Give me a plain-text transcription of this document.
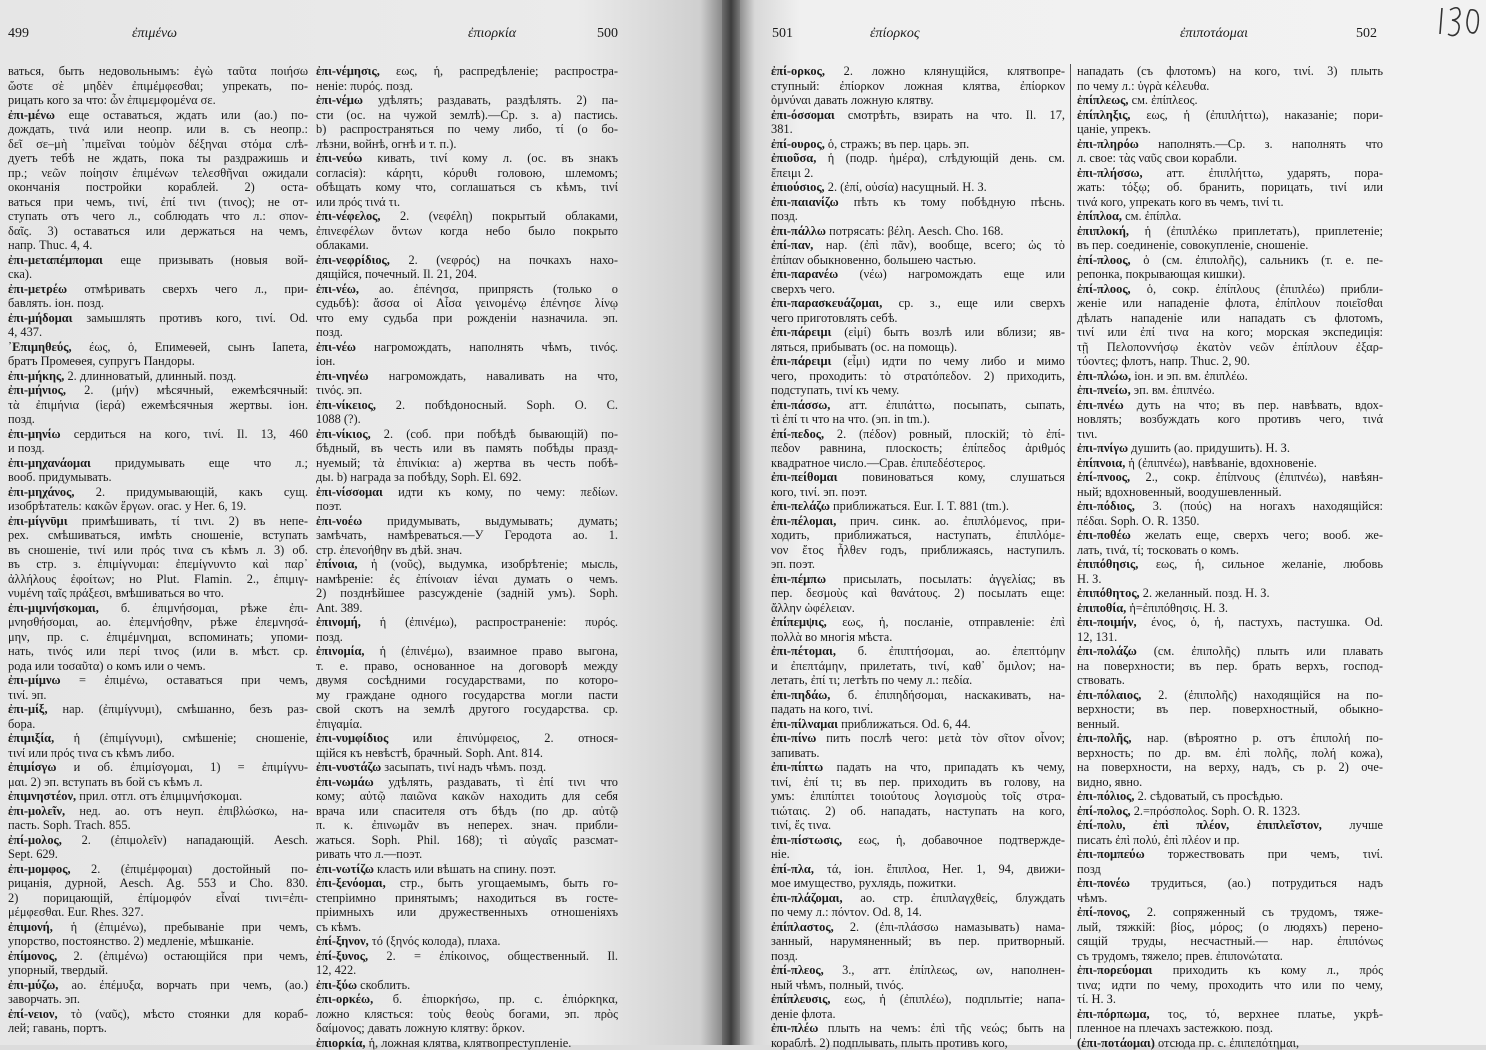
499	ἐπιμένω	ἐπιορκία	500	501	ἐπίορκος	ἐπιποτάομαι	502
ваться, быть недовольнымъ: ἐγὼ ταῦτα ποιήσω
ὥστε σὲ μηδὲν ἐπιμέμφεσθαι; упрекать, по-
рицать кого за что: ὧν ἐπιμεμφομένα σε.
ἐπι-μένω еще оставаться, ждать или (ао.) по-
дождать, τινά или неопр. или в. съ неопр.:
δεῖ σε–μὴ ᾽πιμεῖναι τοὐμὸν δέξηναι στόμα слѣ-
дуетъ тебѣ не ждать, пока ты раздражишь и
пр.; νεῶν ποίησιν ἐπιμένων τελεσθῆναι ожидали
окончанія постройки кораблей. 2) оста-
ваться при чемъ, τινί, ἐπί τινι (τινος); не от-
ступать отъ чего л., соблюдать что л.: σπον-
δαῖς. 3) оставаться или держаться на чемъ,
напр. Thuc. 4, 4.
ἐπι-μεταπέμπομαι еще призывать (новыя вой-
ска).
ἐπι-μετρέω отмѣривать сверхъ чего л., при-
бавлять. іон. позд.
ἐπι-μήδομαι замышлять противъ кого, τινί. Od.
4, 437.
᾽Επιμηθεύς, έως, ὁ, Епимеѳей, сынъ Іапета,
братъ Промеѳея, супругъ Пандоры.
ἐπι-μήκης, 2. длинноватый, длинный. позд.
ἐπι-μήνιος, 2. (μήν) мѣсячный, ежемѣсячный:
τὰ ἐπιμήνια (ἱερά) ежемѣсячныя жертвы. іон.
позд.
ἐπι-μηνίω сердиться на кого, τινί. Il. 13, 460
и позд.
ἐπι-μηχανάομαι придумывать еще что л.;
вооб. придумывать.
ἐπι-μηχάνος, 2. придумывающій, какъ сущ.
изобрѣтатель: κακῶν ἔργων. orac. у Her. 6, 19.
ἐπι-μίγνῡμι примѣшивать, τί τινι. 2) въ непе-
рех. смѣшиваться, имѣть сношеніе, вступать
въ сношеніе, τινί или πρός τινα съ кѣмъ л. 3) об.
въ стр. з. ἐπιμίγνυμαι: ἐπεμίγνυντο καὶ παρ᾽
ἀλλήλους ἐφοίτων; но Plut. Flamin. 2., ἐπιμιγ-
νυμένη ταῖς πράξεσι, вмѣшиваться во что.
ἐπι-μιμνήσκομαι, б. ἐπιμνήσομαι, рѣже ἐπι-
μνησθήσομαι, ао. ἐπεμνήσθην, рѣже ἐπεμνησά-
μην, пр. с. ἐπιμέμνημαι, вспоминать; упоми-
нать, τινός или περί τινος (или в. мѣст. ср.
рода или τοσαῦτα) о комъ или о чемъ.
ἐπι-μίμνω = ἐπιμένω, оставаться при чемъ,
τινί. эп.
ἐπι-μίξ, нар. (ἐπιμίγνυμι), смѣшанно, безъ раз-
бора.
ἐπιμιξία, ἡ (ἐπιμίγνυμι), смѣшеніе; сношеніе,
τινί или πρός τινα съ кѣмъ либо.
ἐπιμίσγω и об. ἐπιμίσγομαι, 1) = ἐπιμίγνυ-
μαι. 2) эп. вступать въ бой съ кѣмъ л.
ἐπιμνηστέον, прил. отгл. отъ ἐπιμιμνήσκομαι.
ἐπι-μολεῖν, нед. ао. отъ неуп. ἐπιβλώσκω, на-
пасть. Soph. Trach. 855.
ἐπί-μολος, 2. (ἐπιμολεῖν) нападающій. Aesch.
Sept. 629.
ἐπι-μομφος, 2. (ἐπιμέμφομαι) достойный по-
рицанія, дурной, Aesch. Ag. 553 и Cho. 830.
2) порицающій, ἐπίμομφόν εἶναί τινι=ἐπι-
μέμφεσθαι. Eur. Rhes. 327.
ἐπιμονή, ἡ (ἐπιμένω), пребываніе при чемъ,
упорство, постоянство. 2) медленіе, мѣшканіе.
ἐπίμονος, 2. (ἐπιμένω) остающійся при чемъ,
упорный, твердый.
ἐπι-μύζω, ао. ἐπέμυξα, ворчать при чемъ, (ао.)
заворчать. эп.
ἐπί-νειον, τὸ (ναῦς), мѣсто стоянки для кораб-
лей; гавань, портъ.
ἐπι-νέμησις, εως, ἡ, распредѣленіе; распростра-
неніе: πυρός. позд.
ἐπι-νέμω удѣлять; раздавать, раздѣлять. 2) па-
сти (ос. на чужой землѣ).—Ср. з. а) пастись.
b) распространяться по чему либо, τί (о бо-
лѣзни, войнѣ, огнѣ и т. п.).
ἐπι-νεύω кивать, τινί кому л. (ос. въ знакъ
согласія): κάρητι, κόρυθι головою, шлемомъ;
обѣщать кому что, соглашаться съ кѣмъ, τινί
или πρός τινά τι.
ἐπι-νέφελος, 2. (νεφέλη) покрытый облаками,
ἐπινεφέλων ὄντων когда небо было покрыто
облаками.
ἐπι-νεφρίδιος, 2. (νεφρός) на почкахъ нахо-
дящійся, почечный. Il. 21, 204.
ἐπι-νέω, ао. ἐπένησα, припрясть (только о
судьбѣ): ἅσσα οἱ Αἶσα γεινομένῳ ἐπένησε λίνῳ
что ему судьба при рожденіи назначила. эп.
позд.
ἐπι-νέω нагромождать, наполнять чѣмъ, τινός.
іон.
ἐπι-νηνέω нагромождать, наваливать на что,
τινός. эп.
ἐπι-νίκειος, 2. побѣдоносный. Soph. O. C.
1088 (?).
ἐπι-νίκιος, 2. (соб. при побѣдѣ бывающій) по-
бѣдный, въ честь или въ память побѣды празд-
нуемый; τὰ ἐπινίκια: а) жертва въ честь побѣ-
ды. b) награда за побѣду, Soph. El. 692.
ἐπι-νίσσομαι идти къ кому, по чему: πεδίων.
поэт.
ἐπι-νοέω придумывать, выдумывать; думать;
замѣчать, намѣреваться.—У Геродота ао. 1.
стр. ἐπενοήθην въ дѣй. знач.
ἐπίνοια, ἡ (νοῦς), выдумка, изобрѣтеніе; мысль,
намѣреніе: ἐς ἐπίνοιαν ἰέναι думать о чемъ.
2) позднѣйшее разсужденіе (задній умъ). Soph.
Ant. 389.
ἐπινομή, ἡ (ἐπινέμω), распространеніе: πυρός.
позд.
ἐπινομία, ἡ (ἐπινέμω), взаимное право выгона,
т. е. право, основанное на договорѣ между
двумя сосѣдними государствами, по которо-
му граждане одного государства могли пасти
свой скотъ на землѣ другого государства. ср.
ἐπιγαμία.
ἐπι-νυμφίδιος или ἐπινύμφειος, 2. относя-
щійся къ невѣстѣ, брачный. Soph. Ant. 814.
ἐπι-νυστάζω засыпать, τινί надъ чѣмъ. позд.
ἐπι-νωμάω удѣлять, раздавать, τὶ ἐπί τινι что
кому; αὐτῷ παιῶνα κακῶν находить для себя
врача или спасителя отъ бѣдъ (по др. αὐτῷ
π. κ. ἐπινωμᾶν въ неперех. знач. прибли-
жаться. Soph. Phil. 168); τὶ αὐγαῖς разсмат-
ривать что л.—поэт.
ἐπι-νωτίζω класть или вѣшать на спину. поэт.
ἐπι-ξενόομαι, стр., быть угощаемымъ, быть го-
степріимно принятымъ; находиться въ госте-
пріимныхъ или дружественныхъ отношеніяхъ
съ кѣмъ.
ἐπί-ξηνον, τό (ξηνός колода), плаха.
ἐπί-ξυνος, 2. = ἐπίκοινος, общественный. Il.
12, 422.
ἐπι-ξύω скоблить.
ἐπι-ορκέω, б. ἐπιορκήσω, пр. с. ἐπιόρκηκα,
ложно клясться: τοὺς θεοὺς богами, эп. πρὸς
δαίμονος; давать ложную клятву: ὅρκον.
ἐπιορκία, ἡ, ложная клятва, клятвопреступленіе.
ἐπί-ορκος, 2. ложно клянущійся, клятвопре-
ступный: ἐπίορκον ложная клятва, ἐπίορκον
ὀμνύναι давать ложную клятву.
ἐπι-όσσομαι смотрѣть, взирать на что. Il. 17,
381.
ἐπί-ουρος, ὁ, стражъ; въ пер. царь. эп.
ἐπιοῦσα, ἡ (подр. ἡμέρα), слѣдующій день. см.
ἔπειμι 2.
ἐπιούσιος, 2. (ἐπί, οὐσία) насущный. Н. З.
ἐπι-παιανίζω пѣть къ тому побѣдную пѣснь.
позд.
ἐπι-πάλλω потрясать: βέλη. Aesch. Cho. 168.
ἐπί-παν, нар. (ἐπὶ πᾶν), вообще, всего; ὡς τὸ
ἐπίπαν обыкновенно, большею частью.
ἐπι-παρανέω (νέω) нагромождать еще или
сверхъ чего.
ἐπι-παρασκευάζομαι, ср. з., еще или сверхъ
чего приготовлять себѣ.
ἐπι-πάρειμι (εἰμί) быть возлѣ или вблизи; яв-
ляться, прибывать (ос. на помощь).
ἐπι-πάρειμι (εἶμι) идти по чему либо и мимо
чего, проходить: τὸ στρατόπεδον. 2) приходить,
подступать, τινί къ чему.
ἐπι-πάσσω, атт. ἐπιπάττω, посыпать, сыпать,
τὶ ἐπί τι что на что. (эп. in tm.).
ἐπί-πεδος, 2. (πέδον) ровный, плоскій; τὸ ἐπί-
πεδον равнина, плоскость; ἐπίπεδος ἀριθμός
квадратное число.—Срав. ἐπιπεδέστερος.
ἐπι-πείθομαι повиноваться кому, слушаться
кого, τινί. эп. поэт.
ἐπι-πελάζω приближаться. Eur. I. T. 881 (tm.).
ἐπι-πέλομαι, прич. синк. ао. ἐπιπλόμενος, при-
ходить, приближаться, наступать, ἐπιπλόμε-
νον ἔτος ἦλθεν годъ, приближаясь, наступилъ.
эп. поэт.
ἐπι-πέμπω присылать, посылать: ἀγγελίας; въ
пер. δεσμοὺς καὶ θανάτους. 2) посылать еще:
ἄλλην ὠφέλειαν.
ἐπίπεμψις, εως, ἡ, посланіе, отправленіе: ἐπὶ
πολλὰ во многія мѣста.
ἐπι-πέτομαι, б. ἐπιπτήσομαι, ао. ἐπεπτόμην
и ἐπεπτάμην, прилетать, τινί, καθ᾽ ὅμιλον; на-
летать, ἐπί τι; летѣть по чему л.: πεδία.
ἐπι-πηδάω, б. ἐπιπηδήσομαι, наскакивать, на-
падать на кого, τινί.
ἐπι-πίλναμαι приближаться. Od. 6, 44.
ἐπι-πίνω пить послѣ чего: μετὰ τὸν σῖτον οἶνον;
запивать.
ἐπι-πίπτω падать на что, припадать къ чему,
τινί, ἐπί τι; въ пер. приходить въ голову, на
умъ: ἐπιπίπτει τοιούτους λογισμοὺς τοῖς στρα-
τιώταις. 2) об. нападать, наступать на кого,
τινί, ἔς τινα.
ἐπι-πίστωσις, εως, ἡ, добавочное подтвержде-
ніе.
ἐπί-πλα, τά, іон. ἔπιπλοα, Her. 1, 94, движи-
мое имущество, рухлядь, пожитки.
ἐπι-πλάζομαι, ао. стр. ἐπιπλαγχθείς, блуждать
по чему л.: πόντον. Od. 8, 14.
ἐπίπλαστος, 2. (ἐπι-πλάσσω намазывать) нама-
занный, нарумяненный; въ пер. притворный.
позд.
ἐπί-πλεος, 3., атт. ἐπίπλεως, ων, наполнен-
ный чѣмъ, полный, τινός.
ἐπίπλευσις, εως, ἡ (ἐπιπλέω), подплытіе; напа-
деніе флота.
ἐπι-πλέω плыть на чемъ: ἐπὶ τῆς νεώς; быть на
кораблѣ. 2) подплывать, плыть противъ кого,
нападать (съ флотомъ) на кого, τινί. 3) плыть
по чему л.: ὑγρὰ κέλευθα.
ἐπίπλεως, см. ἐπίπλεος.
ἐπίπληξις, εως, ἡ (ἐπιπλήττω), наказаніе; пори-
цаніе, упрекъ.
ἐπι-πληρόω наполнять.—Ср. з. наполнять что
л. свое: τὰς ναῦς свои корабли.
ἐπι-πλήσσω, атт. ἐπιπλήττω, ударять, пора-
жать: τόξῳ; об. бранить, порицать, τινί или
τινά кого, упрекать кого въ чемъ, τινί τι.
ἐπίπλοα, см. ἐπίπλα.
ἐπιπλοκή, ἡ (ἐπιπλέκω приплетать), приплетеніе;
въ пер. соединеніе, совокупленіе, сношеніе.
ἐπί-πλοος, ὁ (см. ἐπιπολῆς), сальникъ (т. е. пе-
репонка, покрывающая кишки).
ἐπί-πλοος, ὁ, сокр. ἐπίπλους (ἐπιπλέω) прибли-
женіе или нападеніе флота, ἐπίπλουν ποιεῖσθαι
дѣлать нападеніе или нападать съ флотомъ,
τινί или ἐπί τινα на кого; морская экспедиція:
τῇ Πελοποννήσῳ ἑκατὸν νεῶν ἐπίπλουν ἐξαρ-
τύοντες; флотъ, напр. Thuc. 2, 90.
ἐπι-πλώω, іон. и эп. вм. ἐπιπλέω.
ἐπι-πνείω, эп. вм. ἐπιπνέω.
ἐπι-πνέω дуть на что; въ пер. навѣвать, вдох-
новлять; возбуждать кого противъ чего, τινά
τινι.
ἐπι-πνίγω душить (ао. придушить). Н. З.
ἐπίπνοια, ἡ (ἐπιπνέω), навѣваніе, вдохновеніе.
ἐπί-πνοος, 2., сокр. ἐπίπνους (ἐπιπνέω), навѣян-
ный; вдохновенный, воодушевленный.
ἐπι-πόδιος, 3. (πούς) на ногахъ находящійся:
πέδαι. Soph. O. R. 1350.
ἐπι-ποθέω желать еще, сверхъ чего; вооб. же-
лать, τινά, τί; тосковать о комъ.
ἐπιπόθησις, εως, ἡ, сильное желаніе, любовь
Н. З.
ἐπιπόθητος, 2. желанный. позд. Н. З.
ἐπιποθία, ἡ=ἐπιπόθησις. Н. З.
ἐπι-ποιμήν, ένος, ὁ, ἡ, пастухъ, пастушка. Od.
12, 131.
ἐπι-πολάζω (см. ἐπιπολῆς) плыть или плавать
на поверхности; въ пер. брать верхъ, господ-
ствовать.
ἐπι-πόλαιος, 2. (ἐπιπολῆς) находящійся на по-
верхности; въ пер. поверхностный, обыкно-
венный.
ἐπι-πολῆς, нар. (вѣроятно р. отъ ἐπιπολή по-
верхность; по др. вм. ἐπὶ πολῆς, πολή кожа),
на поверхности, на верху, надъ, съ р. 2) оче-
видно, явно.
ἐπι-πόλιος, 2. сѣдоватый, съ просѣдью.
ἐπί-πολος, 2.=πρόσπολος. Soph. O. R. 1323.
ἐπί-πολυ, ἐπὶ πλέον, ἐπιπλεῖστον, лучше
писать ἐπὶ πολύ, ἐπὶ πλέον и пр.
ἐπι-πομπεύω торжествовать при чемъ, τινί.
позд
ἐπι-πονέω трудиться, (ао.) потрудиться надъ
чѣмъ.
ἐπί-πονος, 2. сопряженный съ трудомъ, тяже-
лый, тяжкій: βίος, μόρος; (о людяхъ) перено-
сящій труды, несчастный.— нар. ἐπιπόνως
съ трудомъ, тяжело; прев. ἐπιπονώτατα.
ἐπι-πορεύομαι приходить къ кому л., πρός
τινα; идти по чему, проходить что или по чему,
τί. Н. З.
ἐπι-πόρπωμα, τος, τό, верхнее платье, укрѣ-
пленное на плечахъ застежкою. позд.
(ἐπι-ποτάομαι) отсюда пр. с. ἐπιπεπότημαι,
